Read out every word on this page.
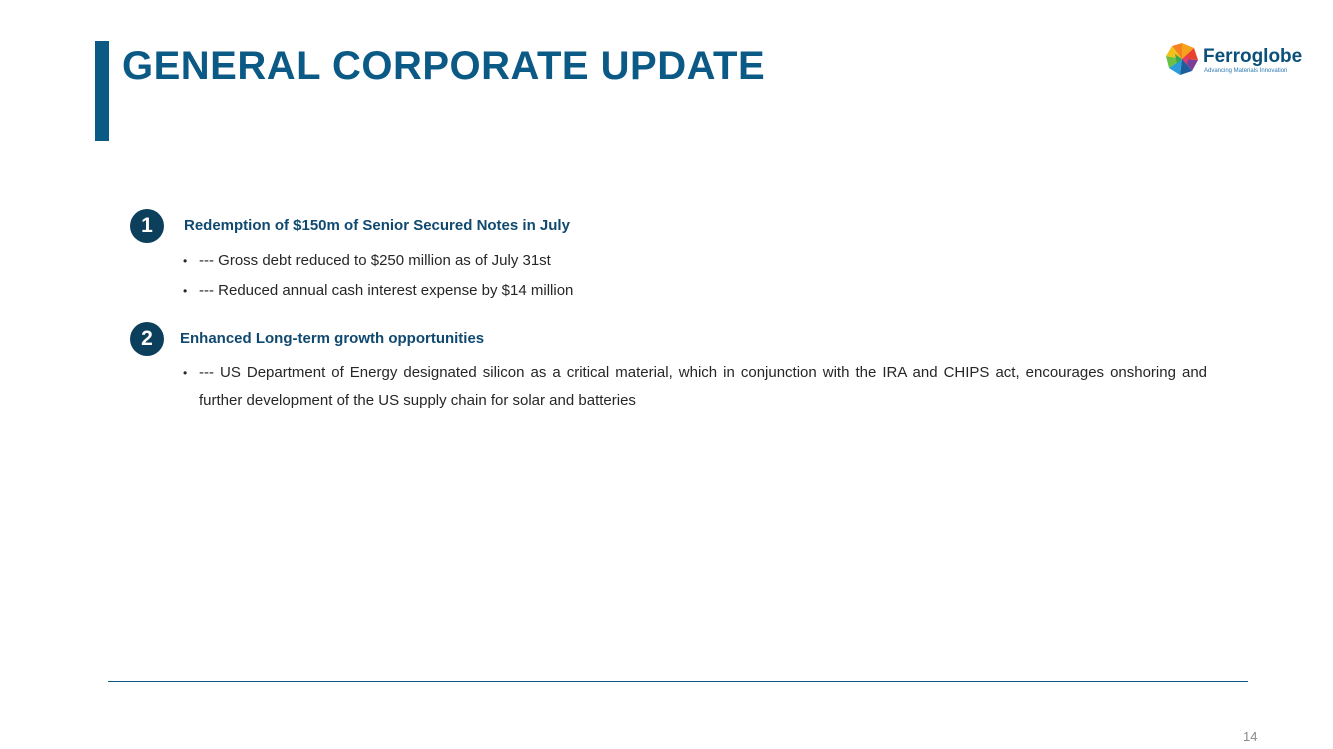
GENERAL CORPORATE UPDATE	Ferroglobe
Advancing Materials Innovation
1	Redemption of $150m of Senior Secured Notes in July
• --- Gross debt reduced to $250 million as of July 31st
• --- Reduced annual cash interest expense by $14 million
2	Enhanced Long-term growth opportunities
• --- US Department of Energy designated silicon as a critical material, which in conjunction with the IRA and CHIPS act, encourages onshoring and further development of the US supply chain for solar and batteries
14
